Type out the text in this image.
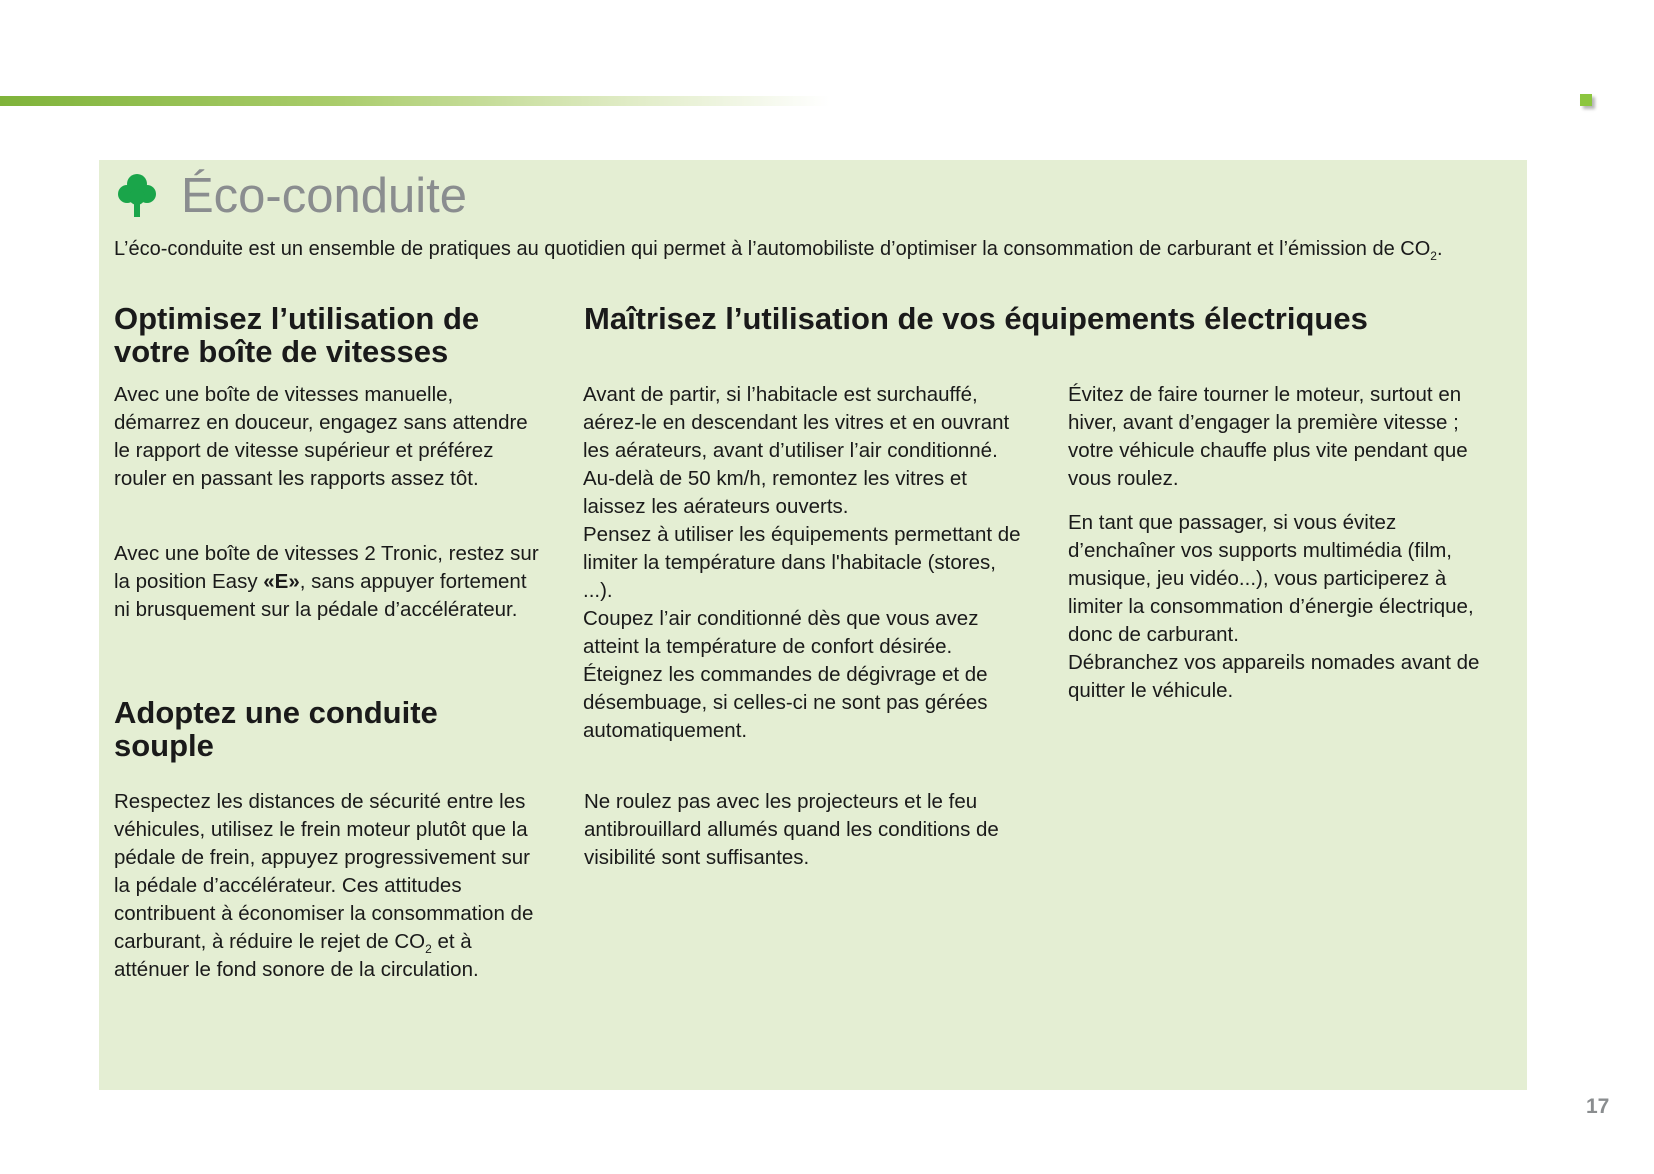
Éco-conduite
L’éco-conduite est un ensemble de pratiques au quotidien qui permet à l’automobiliste d’optimiser la consommation de carburant et l’émission de $CO_2$.
Optimisez l’utilisation de votre boîte de vitesses

Avec une boîte de vitesses manuelle, démarrez en douceur, engagez sans attendre le rapport de vitesse supérieur et préférez rouler en passant les rapports assez tôt.

Avec une boîte de vitesses 2 Tronic, restez sur la position Easy «E», sans appuyer fortement ni brusquement sur la pédale d’accélérateur.

Adoptez une conduite souple

Respectez les distances de sécurité entre les véhicules, utilisez le frein moteur plutôt que la pédale de frein, appuyez progressivement sur la pédale d’accélérateur. Ces attitudes contribuent à économiser la consommation de carburant, à réduire le rejet de $CO_2$ et à atténuer le fond sonore de la circulation.

Maîtrisez l’utilisation de vos équipements électriques

Avant de partir, si l’habitacle est surchauffé, aérez-le en descendant les vitres et en ouvrant les aérateurs, avant d’utiliser l’air conditionné.

Au-delà de 50 km/h, remontez les vitres et laissez les aérateurs ouverts.

Pensez à utiliser les équipements permettant de limiter la température dans l'habitacle (stores, ...).

Coupez l’air conditionné dès que vous avez atteint la température de confort désirée.

Éteignez les commandes de dégivrage et de désembuage, si celles-ci ne sont pas gérées automatiquement.

Ne roulez pas avec les projecteurs et le feu antibrouillard allumés quand les conditions de visibilité sont suffisantes.

Évitez de faire tourner le moteur, surtout en hiver, avant d’engager la première vitesse ; votre véhicule chauffe plus vite pendant que vous roulez.

En tant que passager, si vous évitez d’enchaîner vos supports multimédia (film, musique, jeu vidéo...), vous participerez à limiter la consommation d’énergie électrique, donc de carburant.

Débranchez vos appareils nomades avant de quitter le véhicule.

17
